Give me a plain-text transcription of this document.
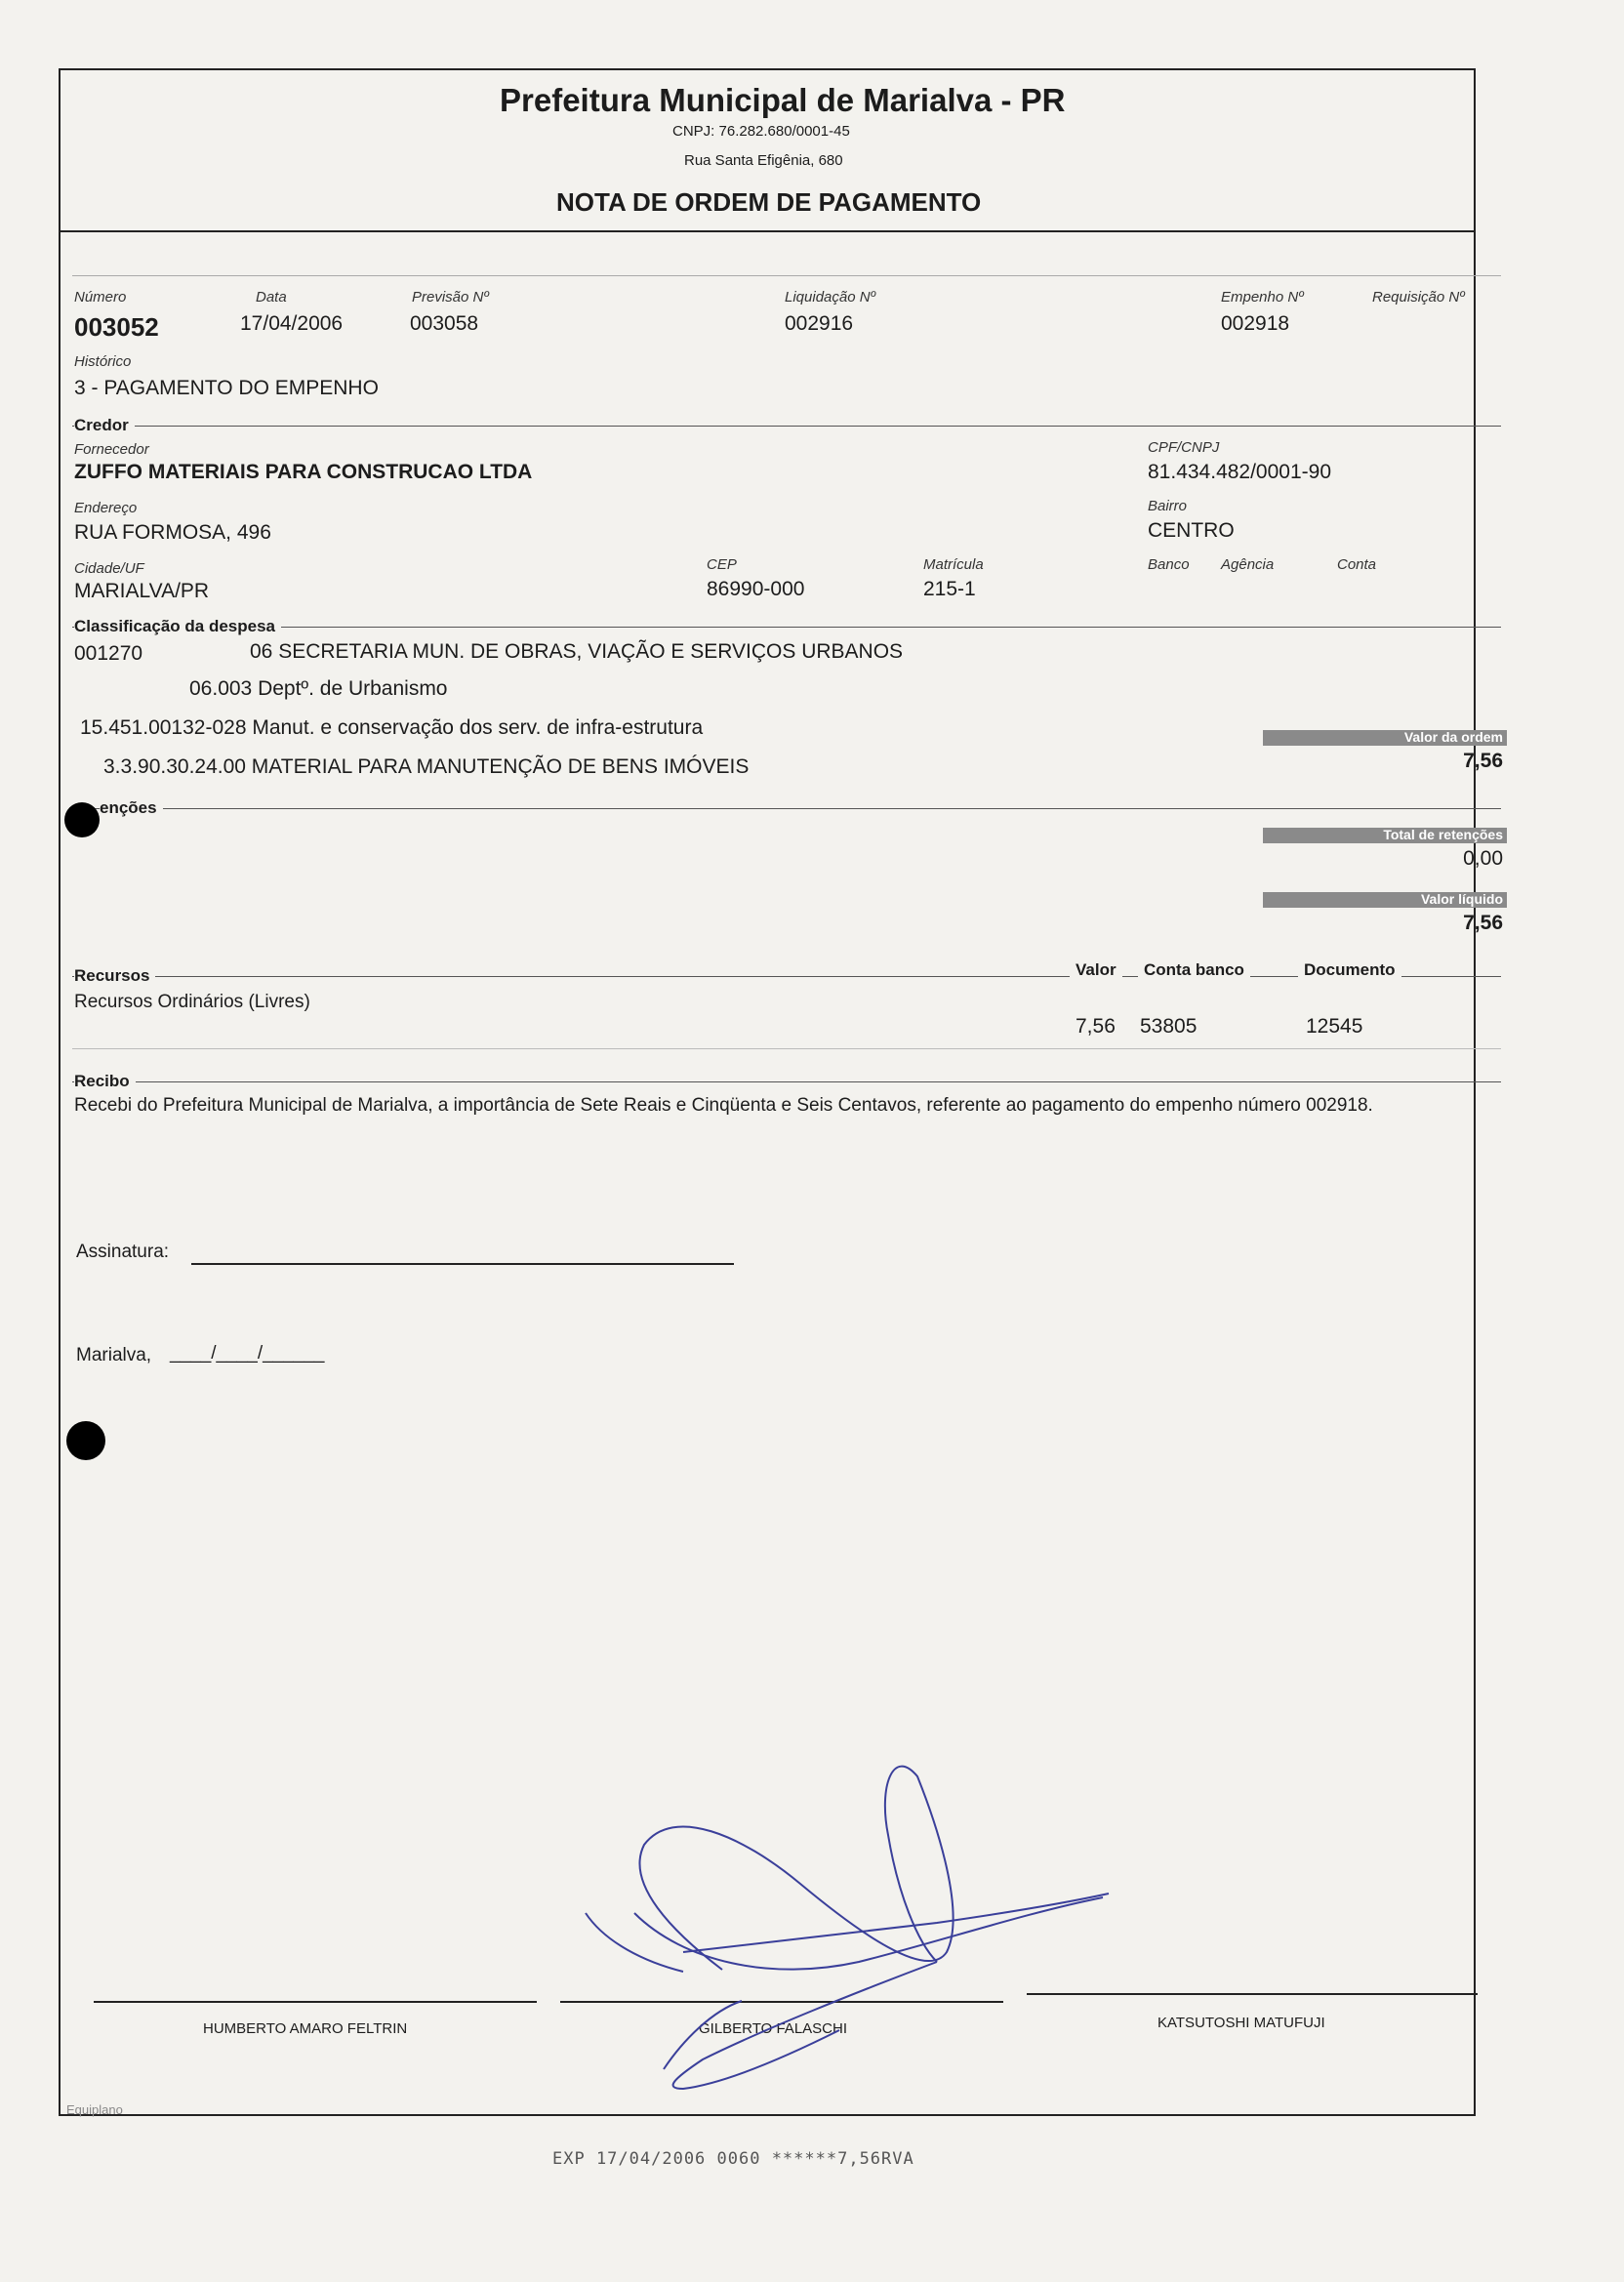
Prefeitura Municipal de Marialva - PR
CNPJ: 76.282.680/0001-45
Rua Santa Efigênia, 680
NOTA DE ORDEM DE PAGAMENTO
Número
003052
Data
17/04/2006
Previsão Nº
003058
Liquidação Nº
002916
Empenho Nº
002918
Requisição Nº
Histórico
3 - PAGAMENTO DO EMPENHO
Credor
Fornecedor
ZUFFO MATERIAIS PARA CONSTRUCAO LTDA
CPF/CNPJ
81.434.482/0001-90
Endereço
RUA FORMOSA, 496
Bairro
CENTRO
Cidade/UF
MARIALVA/PR
CEP
86990-000
Matrícula
215-1
Banco Agência	Conta
Classificação da despesa
001270	06 SECRETARIA MUN. DE OBRAS, VIAÇÃO E SERVIÇOS URBANOS
06.003 Deptº. de Urbanismo
15.451.00132-028 Manut. e conservação dos serv. de infra-estrutura
3.3.90.30.24.00 MATERIAL PARA MANUTENÇÃO DE BENS IMÓVEIS
Valor da ordem
7,56
enções
Total de retenções
0,00
Valor líquido
7,56
Recursos	Valor	Conta banco	Documento
Recursos Ordinários (Livres)
7,56 53805	12545
Recibo
Recebi do Prefeitura Municipal de Marialva, a importância de Sete Reais e Cinqüenta e Seis Centavos, referente ao pagamento do empenho número 002918.
Assinatura:
Marialva, ____/____/______
HUMBERTO AMARO FELTRIN	GILBERTO FALASCHI	KATSUTOSHI MATUFUJI
Equiplano
EXP 17/04/2006 0060 ******7,56RVA
